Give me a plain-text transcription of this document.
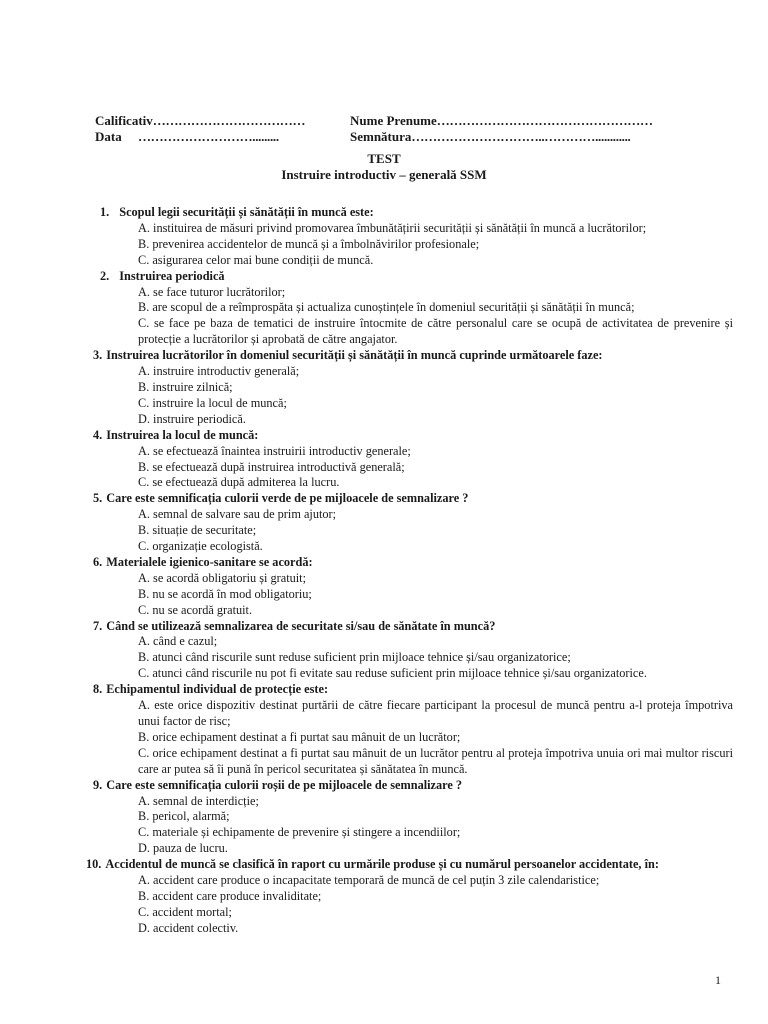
Calificativ………………………………
Data ……………………….........
Nume Prenume……………………………………………
Semnătura…………………………..…………............
TEST
Instruire introductiv – generală SSM
1. Scopul legii securității și sănătății în muncă este:
A. instituirea de măsuri privind promovarea îmbunătățirii securității și sănătății în muncă a lucrătorilor;
B. prevenirea accidentelor de muncă și a îmbolnăvirilor profesionale;
C. asigurarea celor mai bune condiții de muncă.
2. Instruirea periodică
A. se face tuturor lucrătorilor;
B. are scopul de a reîmprospăta și actualiza cunoștințele în domeniul securității și sănătății în muncă;
C. se face pe baza de tematici de instruire întocmite de către personalul care se ocupă de activitatea de prevenire și protecție a lucrătorilor și aprobată de către angajator.
3. Instruirea lucrătorilor în domeniul securității și sănătății în muncă cuprinde următoarele faze:
A. instruire introductiv generală;
B. instruire zilnică;
C. instruire la locul de muncă;
D. instruire periodică.
4. Instruirea la locul de muncă:
A. se efectuează înaintea instruirii introductiv generale;
B. se efectuează după instruirea introductivă generală;
C. se efectuează după admiterea la lucru.
5. Care este semnificația culorii verde de pe mijloacele de semnalizare ?
A. semnal de salvare sau de prim ajutor;
B. situație de securitate;
C. organizație ecologistă.
6. Materialele igienico-sanitare se acordă:
A. se acordă obligatoriu și gratuit;
B. nu se acordă în mod obligatoriu;
C. nu se acordă gratuit.
7. Când se utilizează semnalizarea de securitate si/sau de sănătate în muncă?
A. când e cazul;
B. atunci când riscurile sunt reduse suficient prin mijloace tehnice și/sau organizatorice;
C. atunci când riscurile nu pot fi evitate sau reduse suficient prin mijloace tehnice și/sau organizatorice.
8. Echipamentul individual de protecție este:
A. este orice dispozitiv destinat purtării de către fiecare participant la procesul de muncă pentru a-l proteja împotriva unui factor de risc;
B. orice echipament destinat a fi purtat sau mânuit de un lucrător;
C. orice echipament destinat a fi purtat sau mânuit de un lucrător pentru al proteja împotriva unuia ori mai multor riscuri care ar putea să îi pună în pericol securitatea și sănătatea în muncă.
9. Care este semnificația culorii roșii de pe mijloacele de semnalizare ?
A. semnal de interdicție;
B. pericol, alarmă;
C. materiale și echipamente de prevenire și stingere a incendiilor;
D. pauza de lucru.
10. Accidentul de muncă se clasifică în raport cu urmările produse și cu numărul persoanelor accidentate, în:
A. accident care produce o incapacitate temporară de muncă de cel puțin 3 zile calendaristice;
B. accident care produce invaliditate;
C. accident mortal;
D. accident colectiv.
1
